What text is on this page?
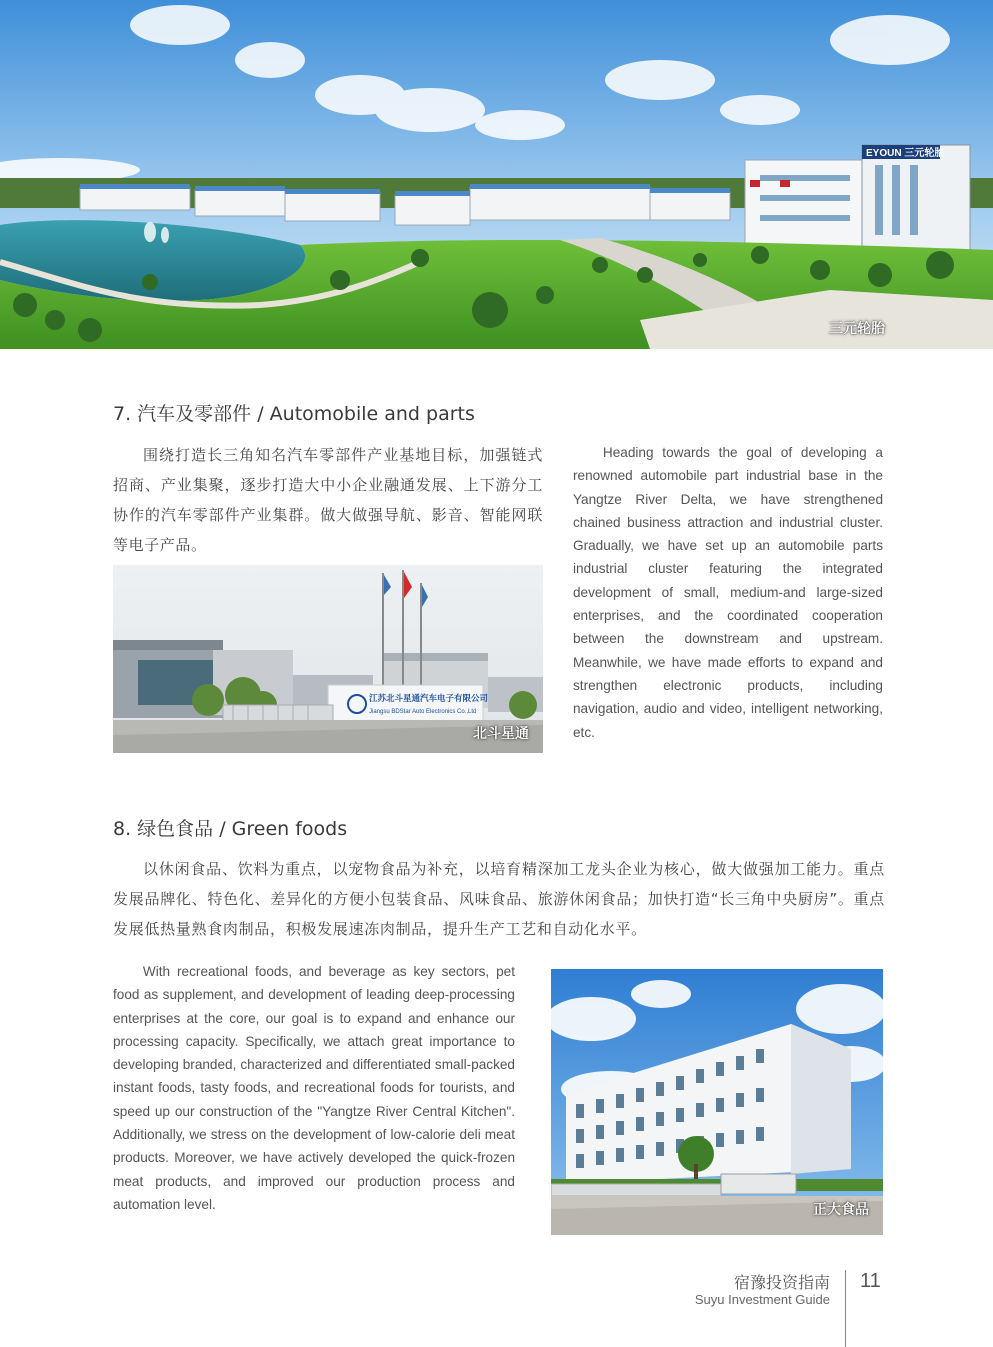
EYOUN 三元轮胎
三元轮胎
7. 汽车及零部件 / Automobile and parts

围绕打造长三角知名汽车零部件产业基地目标，加强链式招商、产业集聚，逐步打造大中小企业融通发展、上下游分工协作的汽车零部件产业集群。做大做强导航、影音、智能网联等电子产品。

江苏北斗星通汽车电子有限公司
Jiangsu BDStar Auto Electronics Co.,Ltd
北斗星通

Heading towards the goal of developing a renowned automobile part industrial base in the Yangtze River Delta, we have strengthened chained business attraction and industrial cluster. Gradually, we have set up an automobile parts industrial cluster featuring the integrated development of small, medium-and large-sized enterprises, and the coordinated cooperation between the downstream and upstream. Meanwhile, we have made efforts to expand and strengthen electronic products, including navigation, audio and video, intelligent networking, etc.

8. 绿色食品 / Green foods

以休闲食品、饮料为重点，以宠物食品为补充，以培育精深加工龙头企业为核心，做大做强加工能力。重点发展品牌化、特色化、差异化的方便小包装食品、风味食品、旅游休闲食品；加快打造“长三角中央厨房”。重点发展低热量熟食肉制品，积极发展速冻肉制品，提升生产工艺和自动化水平。

With recreational foods, and beverage as key sectors, pet food as supplement, and development of leading deep-processing enterprises at the core, our goal is to expand and enhance our processing capacity. Specifically, we attach great importance to developing branded, characterized and differentiated small-packed instant foods, tasty foods, and recreational foods for tourists, and speed up our construction of the "Yangtze River Central Kitchen". Additionally, we stress on the development of low-calorie deli meat products. Moreover, we have actively developed the quick-frozen meat products, and improved our production process and automation level.	正大食品
宿豫投资指南
Suyu Investment Guide
11
